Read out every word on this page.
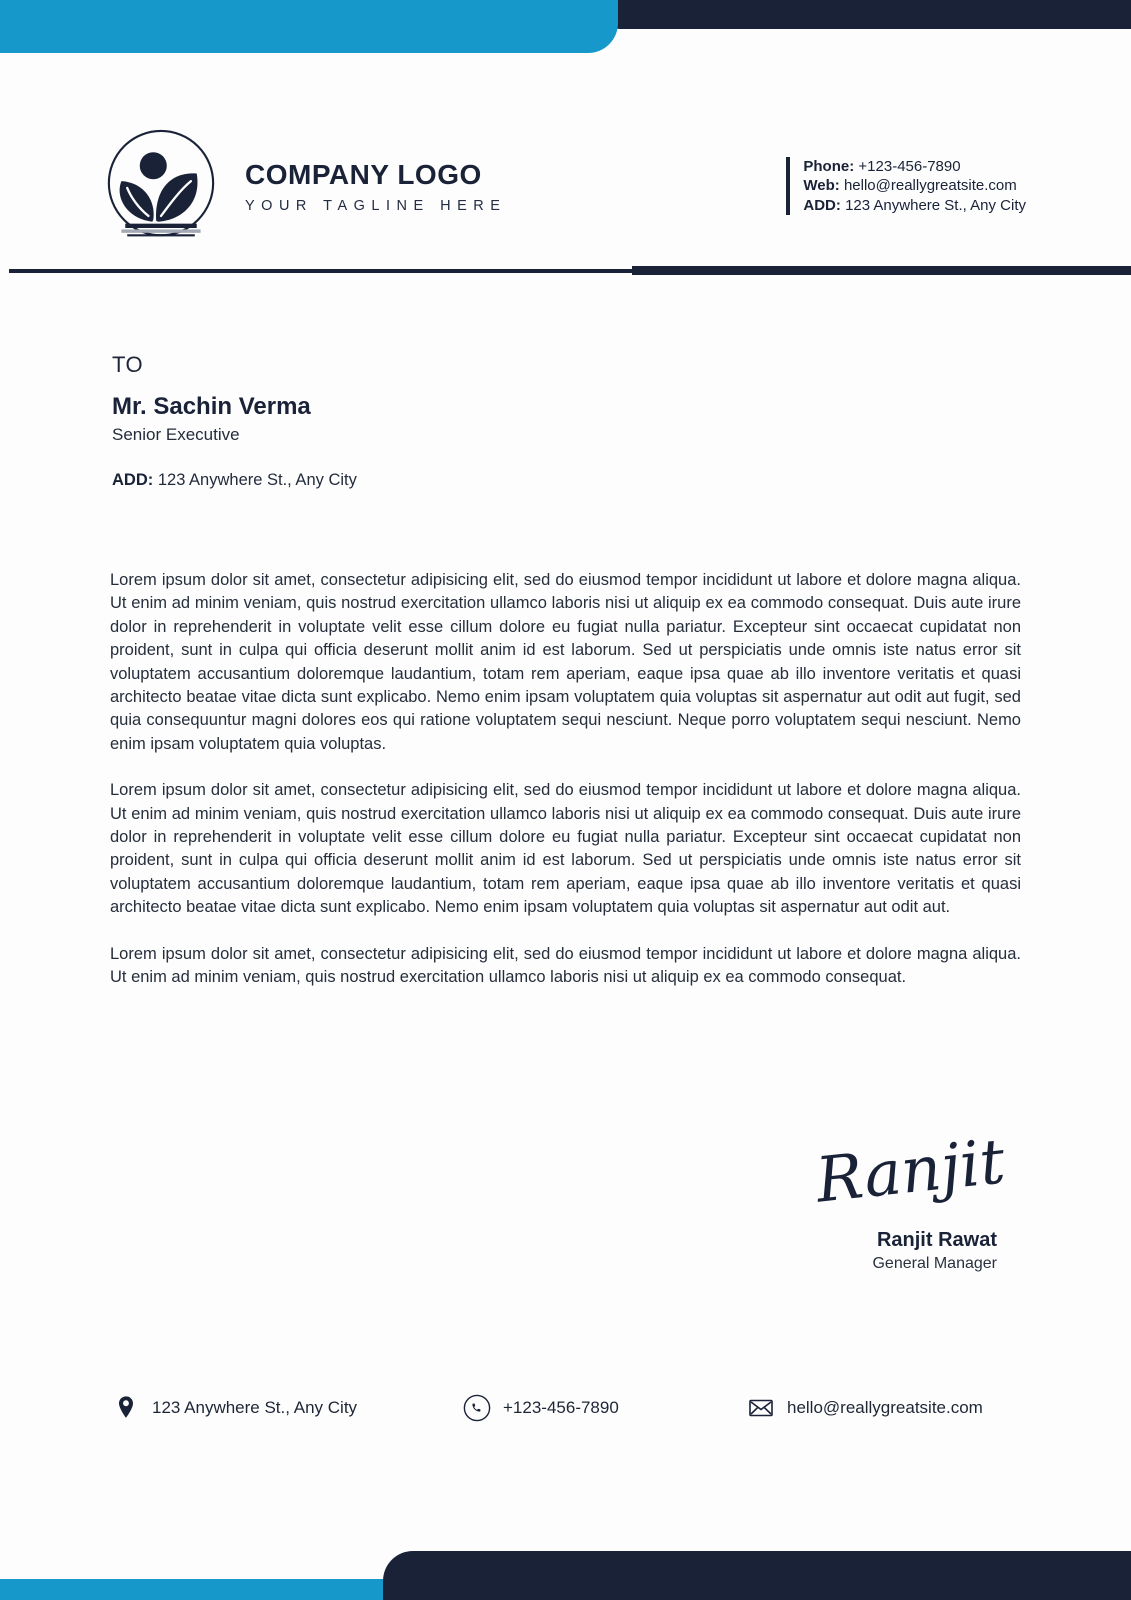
COMPANY LOGO
YOUR TAGLINE HERE
Phone: +123-456-7890
Web: hello@reallygreatsite.com
ADD: 123 Anywhere St., Any City
TO
Mr. Sachin Verma
Senior Executive
ADD: 123 Anywhere St., Any City

Lorem ipsum dolor sit amet, consectetur adipisicing elit, sed do eiusmod tempor incididunt ut labore et dolore magna aliqua. Ut enim ad minim veniam, quis nostrud exercitation ullamco laboris nisi ut aliquip ex ea commodo consequat. Duis aute irure dolor in reprehenderit in voluptate velit esse cillum dolore eu fugiat nulla pariatur. Excepteur sint occaecat cupidatat non proident, sunt in culpa qui officia deserunt mollit anim id est laborum. Sed ut perspiciatis unde omnis iste natus error sit voluptatem accusantium doloremque laudantium, totam rem aperiam, eaque ipsa quae ab illo inventore veritatis et quasi architecto beatae vitae dicta sunt explicabo. Nemo enim ipsam voluptatem quia voluptas sit aspernatur aut odit aut fugit, sed quia consequuntur magni dolores eos qui ratione voluptatem sequi nesciunt. Neque porro voluptatem sequi nesciunt. Nemo enim ipsam voluptatem quia voluptas.

Lorem ipsum dolor sit amet, consectetur adipisicing elit, sed do eiusmod tempor incididunt ut labore et dolore magna aliqua. Ut enim ad minim veniam, quis nostrud exercitation ullamco laboris nisi ut aliquip ex ea commodo consequat. Duis aute irure dolor in reprehenderit in voluptate velit esse cillum dolore eu fugiat nulla pariatur. Excepteur sint occaecat cupidatat non proident, sunt in culpa qui officia deserunt mollit anim id est laborum. Sed ut perspiciatis unde omnis iste natus error sit voluptatem accusantium doloremque laudantium, totam rem aperiam, eaque ipsa quae ab illo inventore veritatis et quasi architecto beatae vitae dicta sunt explicabo. Nemo enim ipsam voluptatem quia voluptas sit aspernatur aut odit aut.

Lorem ipsum dolor sit amet, consectetur adipisicing elit, sed do eiusmod tempor incididunt ut labore et dolore magna aliqua. Ut enim ad minim veniam, quis nostrud exercitation ullamco laboris nisi ut aliquip ex ea commodo consequat.

Ranjit
Ranjit Rawat
General Manager
123 Anywhere St., Any City	+123-456-7890	hello@reallygreatsite.com
